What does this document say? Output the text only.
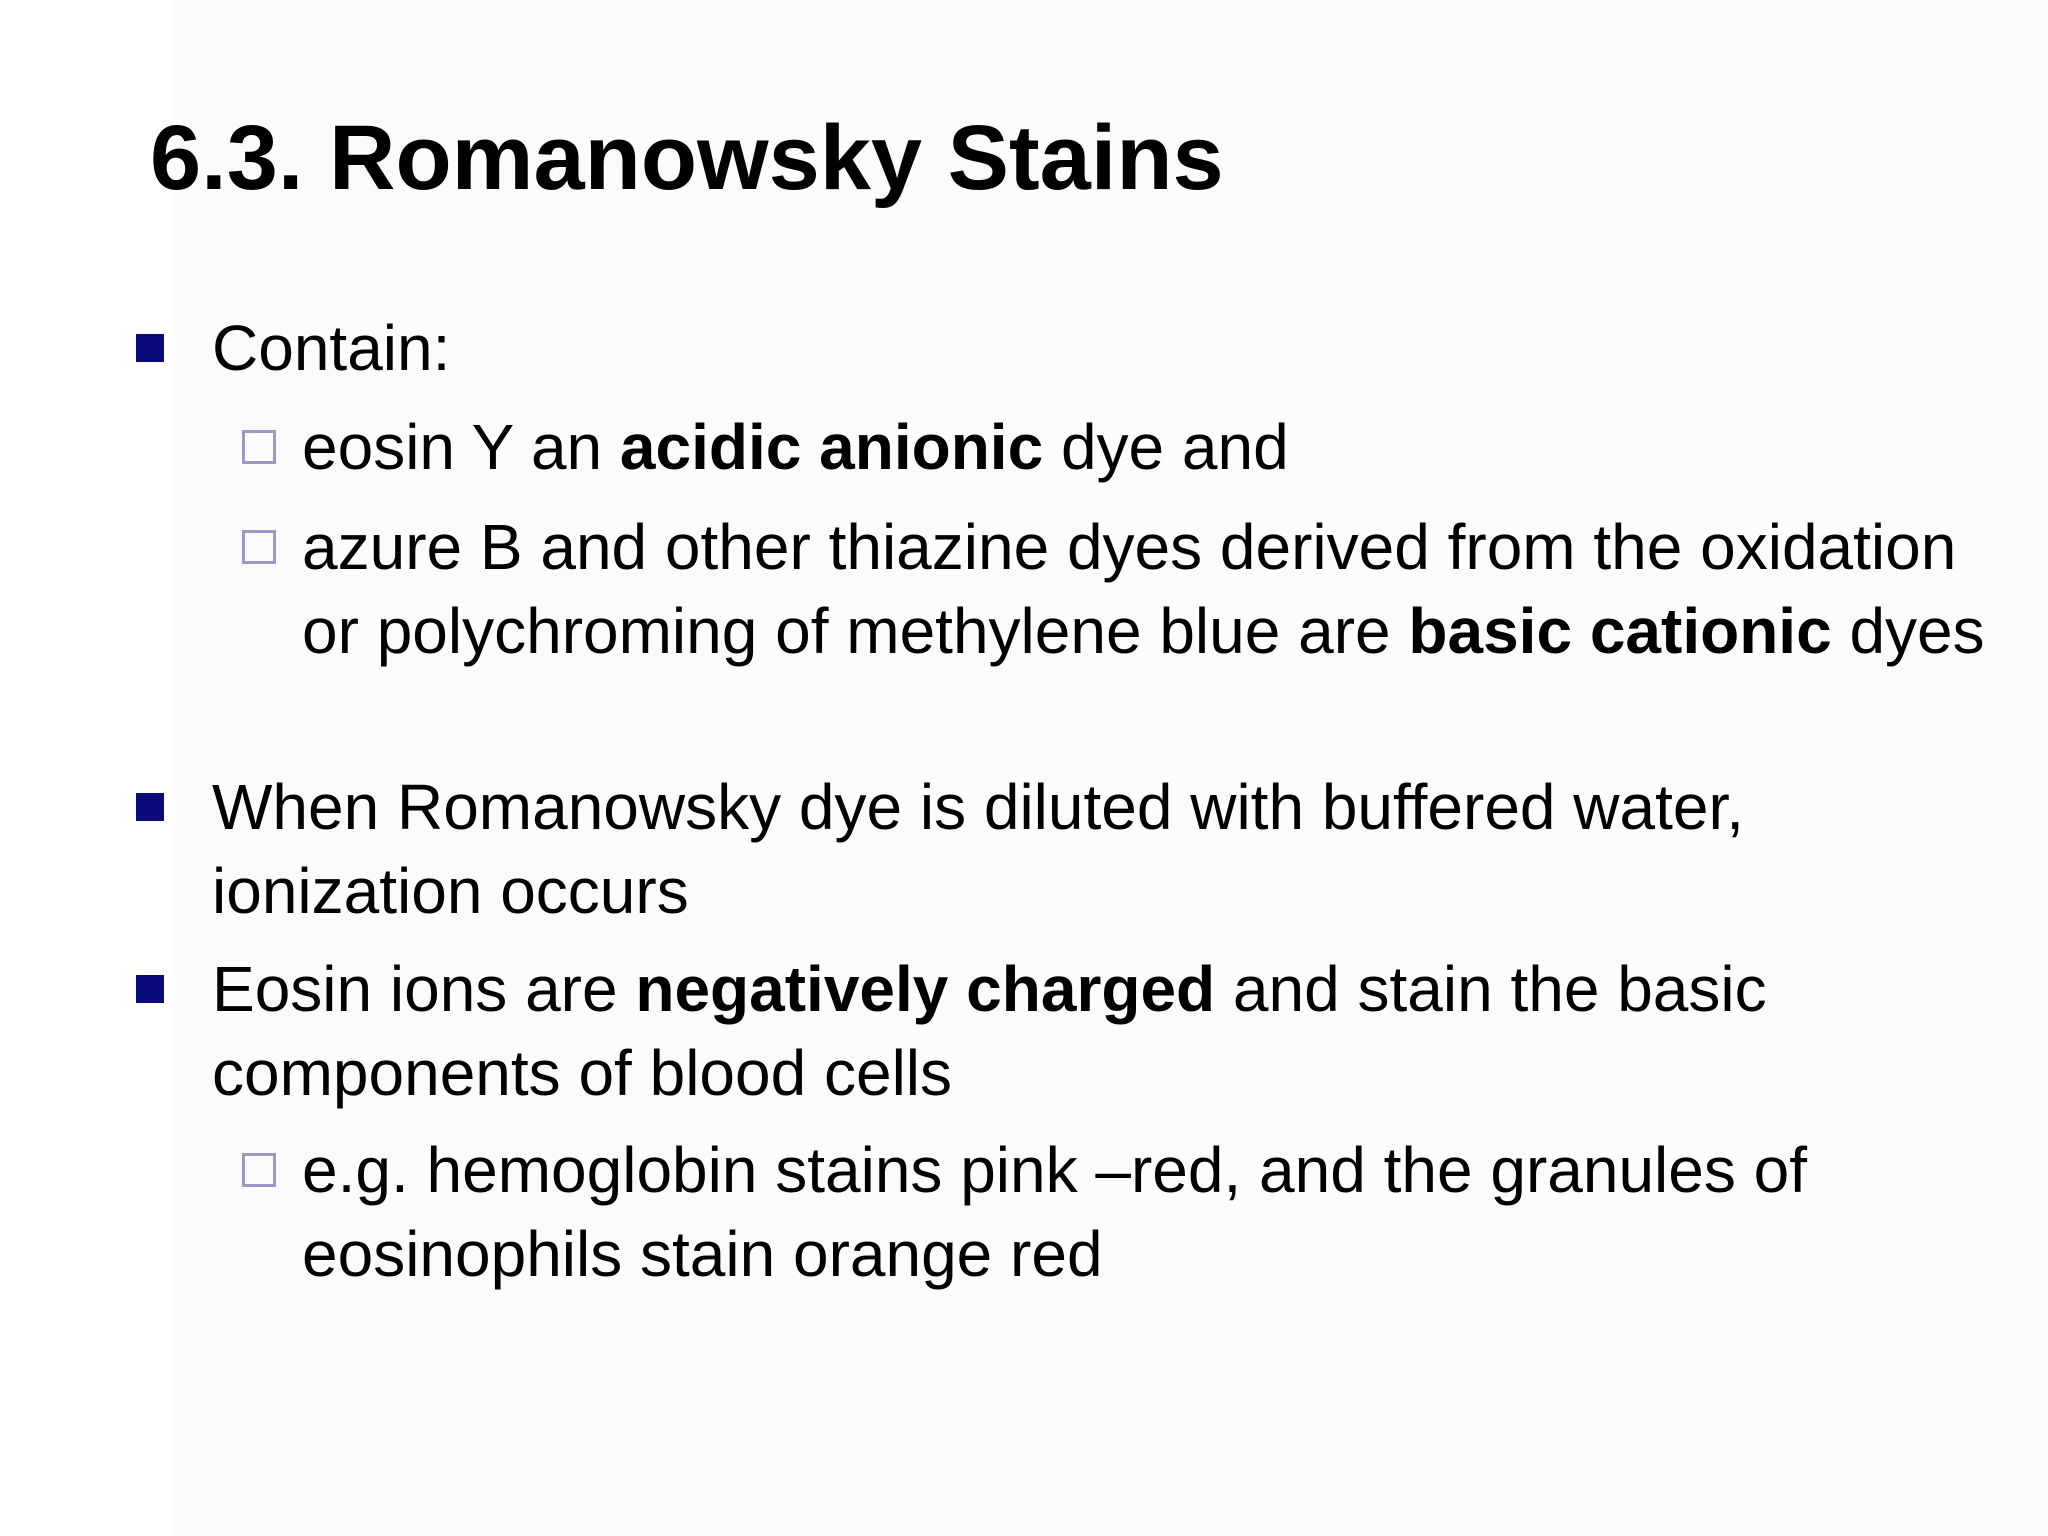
6.3. Romanowsky Stains
Contain:
eosin Y an acidic anionic dye and
azure B and other thiazine dyes derived from the oxidation or polychroming of methylene blue are basic cationic dyes
When Romanowsky dye is diluted with buffered water, ionization occurs
Eosin ions are negatively charged and stain the basic components of blood cells
e.g. hemoglobin stains pink –red, and the granules of eosinophils stain orange red
